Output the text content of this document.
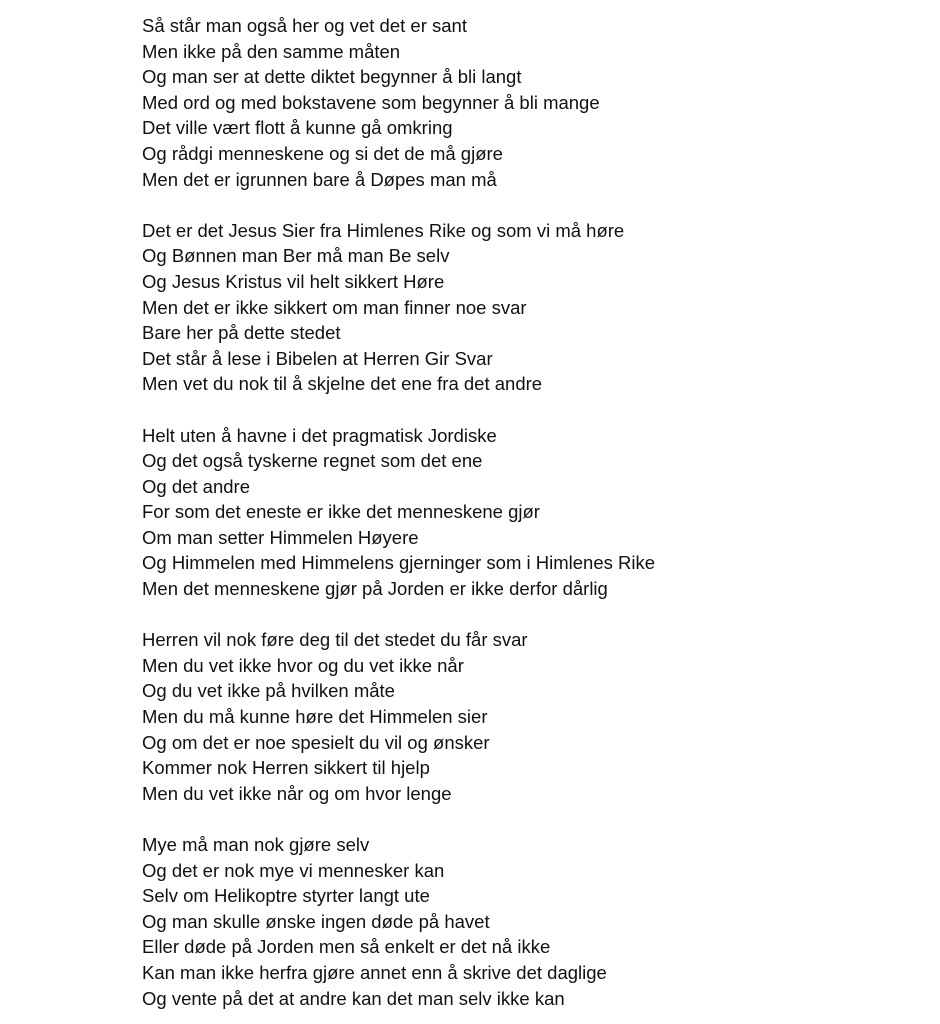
Så står man også her og vet det er sant
Men ikke på den samme måten
Og man ser at dette diktet begynner å bli langt
Med ord og med bokstavene som begynner å bli mange
Det ville vært flott å kunne gå omkring
Og rådgi menneskene og si det de må gjøre
Men det er igrunnen bare å Døpes man må
Det er det Jesus Sier fra Himlenes Rike og som vi må høre
Og Bønnen man Ber må man Be selv
Og Jesus Kristus vil helt sikkert Høre
Men det er ikke sikkert om man finner noe svar
Bare her på dette stedet
Det står å lese i Bibelen at Herren Gir Svar
Men vet du nok til å skjelne det ene fra det andre
Helt uten å havne i det pragmatisk Jordiske
Og det også tyskerne regnet som det ene
Og det andre
For som det eneste er ikke det menneskene gjør
Om man setter Himmelen Høyere
Og Himmelen med Himmelens gjerninger som i Himlenes Rike
Men det menneskene gjør på Jorden er ikke derfor dårlig
Herren vil nok føre deg til det stedet du får svar
Men du vet ikke hvor og du vet ikke når
Og du vet ikke på hvilken måte
Men du må kunne høre det Himmelen sier
Og om det er noe spesielt du vil og ønsker
Kommer nok Herren sikkert til hjelp
Men du vet ikke når og om hvor lenge
Mye må man nok gjøre selv
Og det er nok mye vi mennesker kan
Selv om Helikoptre styrter langt ute
Og man skulle ønske ingen døde på havet
Eller døde på Jorden men så enkelt er det nå ikke
Kan man ikke herfra gjøre annet enn å skrive det daglige
Og vente på det at andre kan det man selv ikke kan
